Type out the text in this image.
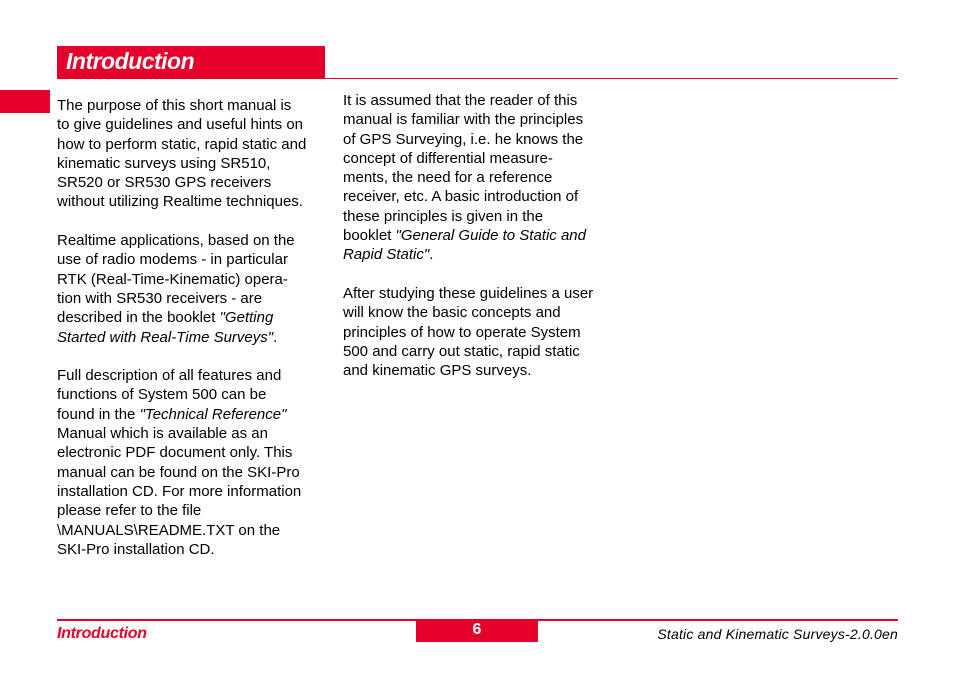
Introduction
The purpose of this short manual is
to give guidelines and useful hints on
how to perform static, rapid static and
kinematic surveys using SR510,
SR520 or SR530 GPS receivers
without utilizing Realtime techniques.
Realtime applications, based on the
use of radio modems - in particular
RTK (Real-Time-Kinematic) opera-
tion with SR530 receivers - are
described in the booklet "Getting
Started with Real-Time Surveys".
Full description of all features and
functions of System 500 can be
found in the "Technical Reference"
Manual which is available as an
electronic PDF document only. This
manual can be found on the SKI-Pro
installation CD. For more information
please refer to the file
\MANUALS\README.TXT on the
SKI-Pro installation CD.
It is assumed that the reader of this
manual is familiar with the principles
of GPS Surveying, i.e. he knows the
concept of differential measure-
ments, the need for a reference
receiver, etc. A basic introduction of
these principles is given in the
booklet "General Guide to Static and
Rapid Static".
After studying these guidelines a user
will know the basic concepts and
principles of how to operate System
500 and carry out static, rapid static
and kinematic GPS surveys.
Introduction	6	Static and Kinematic Surveys-2.0.0en
